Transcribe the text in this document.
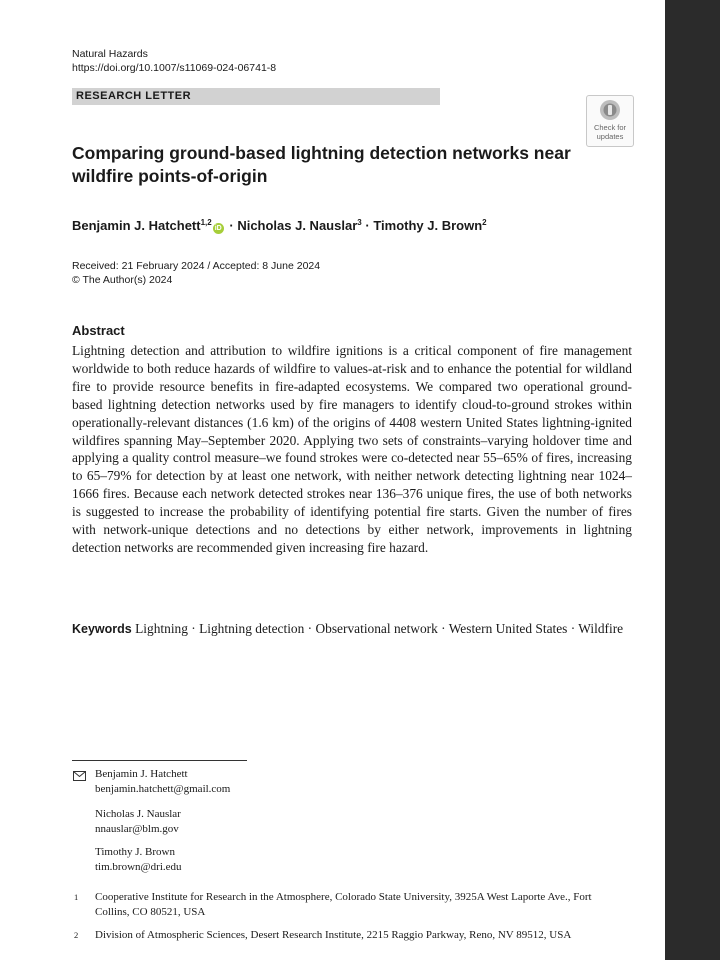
Natural Hazards
https://doi.org/10.1007/s11069-024-06741-8
RESEARCH LETTER
Check for updates
Comparing ground-based lightning detection networks near wildfire points-of-origin
Benjamin J. Hatchett$^{1,2}$iD · Nicholas J. Nauslar$^3$ · Timothy J. Brown$^2$
Received: 21 February 2024 / Accepted: 8 June 2024
© The Author(s) 2024
Abstract
Lightning detection and attribution to wildfire ignitions is a critical component of fire management worldwide to both reduce hazards of wildfire to values-at-risk and to enhance the potential for wildland fire to provide resource benefits in fire-adapted ecosystems. We compared two operational ground-based lightning detection networks used by fire managers to identify cloud-to-ground strokes within operationally-relevant distances (1.6 km) of the origins of 4408 western United States lightning-ignited wildfires spanning May–September 2020. Applying two sets of constraints–varying holdover time and applying a quality control measure–we found strokes were co-detected near 55–65% of fires, increasing to 65–79% for detection by at least one network, with neither network detecting lightning near 1024–1666 fires. Because each network detected strokes near 136–376 unique fires, the use of both networks is suggested to increase the probability of identifying potential fire starts. Given the number of fires with network-unique detections and no detections by either network, improvements in lightning detection networks are recommended given increasing fire hazard.
Keywords Lightning · Lightning detection · Observational network · Western United States · Wildfire
Benjamin J. Hatchett
benjamin.hatchett@gmail.com
Nicholas J. Nauslar
nnauslar@blm.gov
Timothy J. Brown
tim.brown@dri.edu
1 Cooperative Institute for Research in the Atmosphere, Colorado State University, 3925A West Laporte Ave., Fort Collins, CO 80521, USA
2 Division of Atmospheric Sciences, Desert Research Institute, 2215 Raggio Parkway, Reno, NV 89512, USA
